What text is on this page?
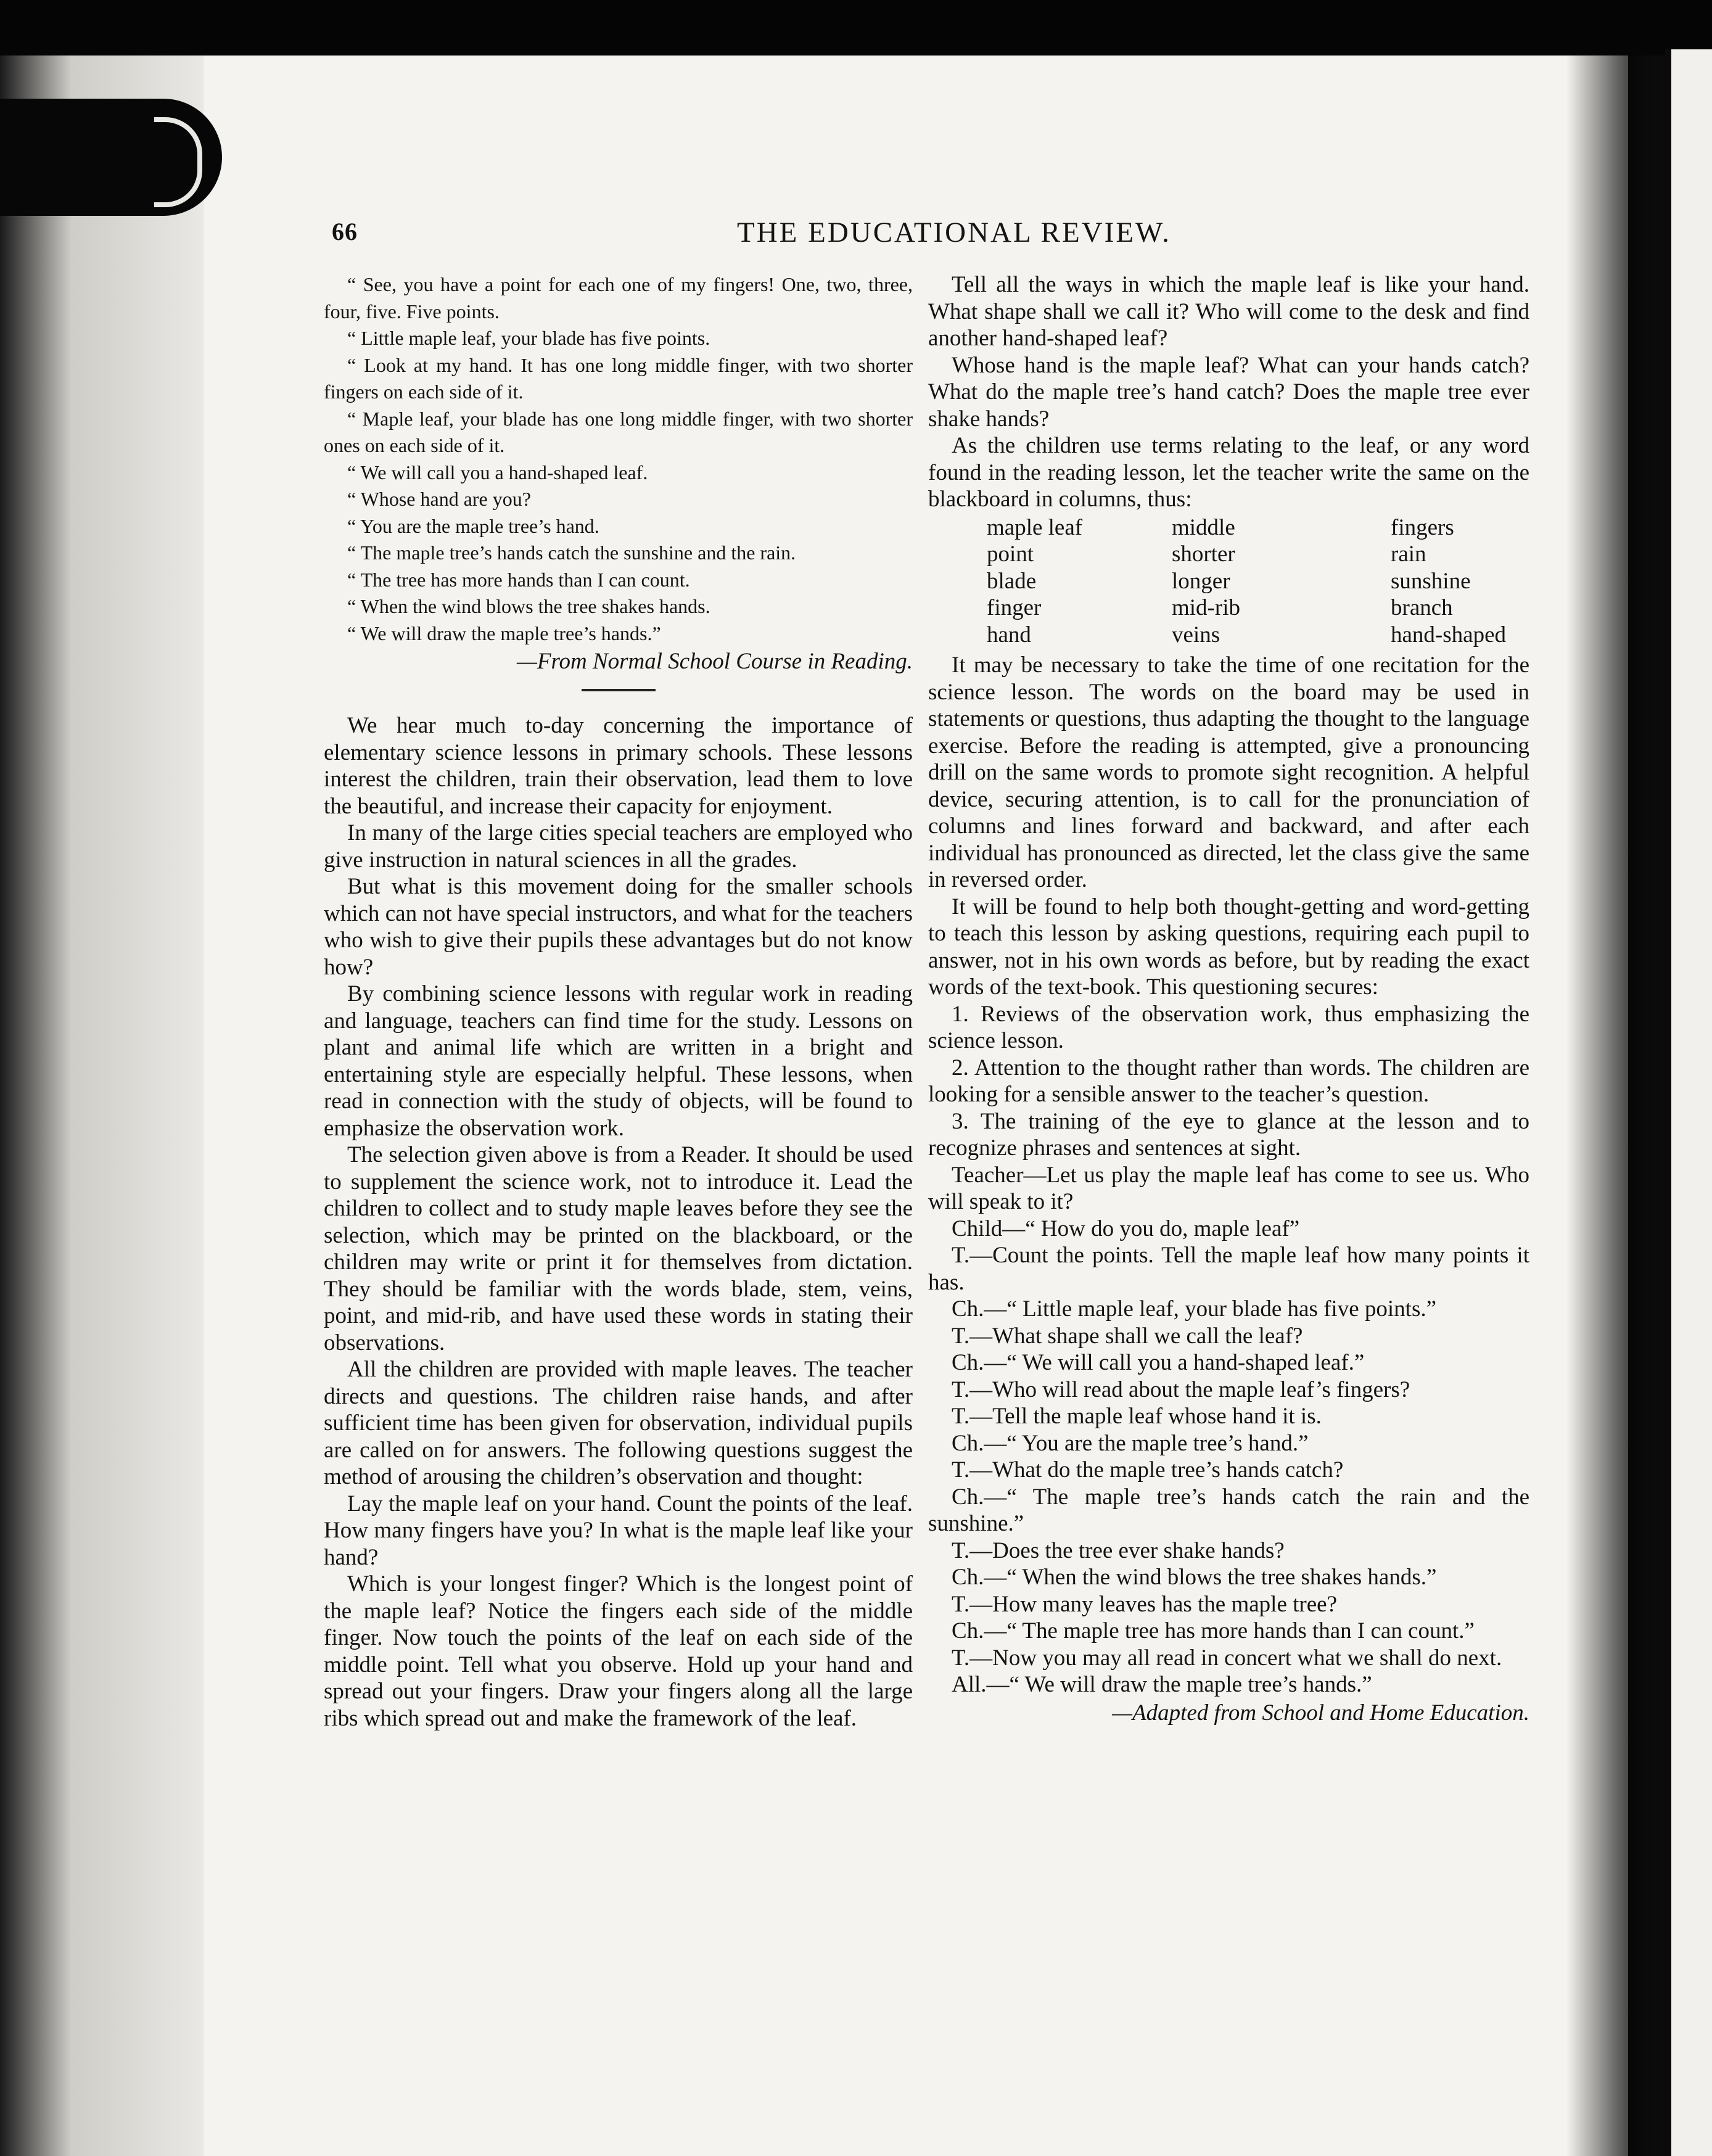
66	THE EDUCATIONAL REVIEW.

“ See, you have a point for each one of my fingers! One, two, three, four, five. Five points.

“ Little maple leaf, your blade has five points.

“ Look at my hand. It has one long middle finger, with two shorter fingers on each side of it.

“ Maple leaf, your blade has one long middle finger, with two shorter ones on each side of it.

“ We will call you a hand-shaped leaf.

“ Whose hand are you?

“ You are the maple tree’s hand.

“ The maple tree’s hands catch the sunshine and the rain.

“ The tree has more hands than I can count.

“ When the wind blows the tree shakes hands.

“ We will draw the maple tree’s hands.”

—From Normal School Course in Reading.

We hear much to-day concerning the importance of elementary science lessons in primary schools. These lessons interest the children, train their observation, lead them to love the beautiful, and increase their capacity for enjoyment.

In many of the large cities special teachers are employed who give instruction in natural sciences in all the grades.

But what is this movement doing for the smaller schools which can not have special instructors, and what for the teachers who wish to give their pupils these advantages but do not know how?

By combining science lessons with regular work in reading and language, teachers can find time for the study. Lessons on plant and animal life which are written in a bright and entertaining style are especially helpful. These lessons, when read in connection with the study of objects, will be found to emphasize the observation work.

The selection given above is from a Reader. It should be used to supplement the science work, not to introduce it. Lead the children to collect and to study maple leaves before they see the selection, which may be printed on the blackboard, or the children may write or print it for themselves from dictation. They should be familiar with the words blade, stem, veins, point, and mid-rib, and have used these words in stating their observations.

All the children are provided with maple leaves. The teacher directs and questions. The children raise hands, and after sufficient time has been given for observation, individual pupils are called on for answers. The following questions suggest the method of arousing the children’s observation and thought:

Lay the maple leaf on your hand. Count the points of the leaf. How many fingers have you? In what is the maple leaf like your hand?

Which is your longest finger? Which is the longest point of the maple leaf? Notice the fingers each side of the middle finger. Now touch the points of the leaf on each side of the middle point. Tell what you observe. Hold up your hand and spread out your fingers. Draw your fingers along all the large ribs which spread out and make the framework of the leaf.

Tell all the ways in which the maple leaf is like your hand. What shape shall we call it? Who will come to the desk and find another hand-shaped leaf?

Whose hand is the maple leaf? What can your hands catch? What do the maple tree’s hand catch? Does the maple tree ever shake hands?

As the children use terms relating to the leaf, or any word found in the reading lesson, let the teacher write the same on the blackboard in columns, thus:

maple leaf	middle	fingers
point	shorter	rain
blade	longer	sunshine
finger	mid-rib	branch
hand	veins	hand-shaped

It may be necessary to take the time of one recitation for the science lesson. The words on the board may be used in statements or questions, thus adapting the thought to the language exercise. Before the reading is attempted, give a pronouncing drill on the same words to promote sight recognition. A helpful device, securing attention, is to call for the pronunciation of columns and lines forward and backward, and after each individual has pronounced as directed, let the class give the same in reversed order.

It will be found to help both thought-getting and word-getting to teach this lesson by asking questions, requiring each pupil to answer, not in his own words as before, but by reading the exact words of the text-book. This questioning secures:

1. Reviews of the observation work, thus emphasizing the science lesson.

2. Attention to the thought rather than words. The children are looking for a sensible answer to the teacher’s question.

3. The training of the eye to glance at the lesson and to recognize phrases and sentences at sight.

Teacher—Let us play the maple leaf has come to see us. Who will speak to it?

Child—“ How do you do, maple leaf”

T.—Count the points. Tell the maple leaf how many points it has.

Ch.—“ Little maple leaf, your blade has five points.”

T.—What shape shall we call the leaf?

Ch.—“ We will call you a hand-shaped leaf.”

T.—Who will read about the maple leaf’s fingers?

T.—Tell the maple leaf whose hand it is.

Ch.—“ You are the maple tree’s hand.”

T.—What do the maple tree’s hands catch?

Ch.—“ The maple tree’s hands catch the rain and the sunshine.”

T.—Does the tree ever shake hands?

Ch.—“ When the wind blows the tree shakes hands.”

T.—How many leaves has the maple tree?

Ch.—“ The maple tree has more hands than I can count.”

T.—Now you may all read in concert what we shall do next.

All.—“ We will draw the maple tree’s hands.”

—Adapted from School and Home Education.
